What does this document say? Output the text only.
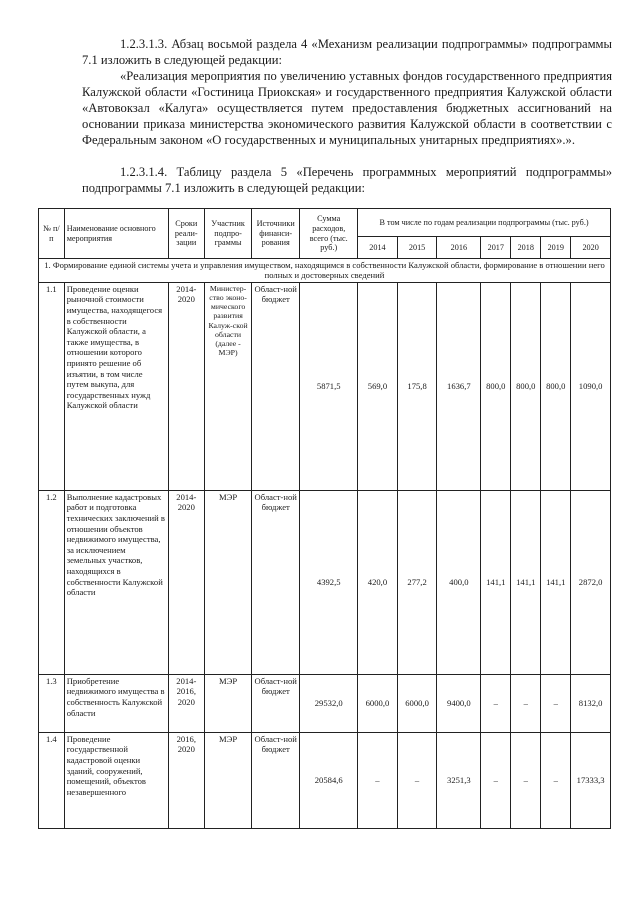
1.2.3.1.3. Абзац восьмой раздела 4 «Механизм реализации подпрограммы» подпрограммы 7.1 изложить в следующей редакции:

«Реализация мероприятия по увеличению уставных фондов государственного предприятия Калужской области «Гостиница Приокская» и государственного предприятия Калужской области «Автовокзал «Калуга» осуществляется путем предоставления бюджетных ассигнований на основании приказа министерства экономического развития Калужской области в соответствии с Федеральным законом «О государственных и муниципальных унитарных предприятиях».».

1.2.3.1.4. Таблицу раздела 5 «Перечень программных мероприятий подпрограммы» подпрограммы 7.1 изложить в следующей редакции:

№ п/п	Наименование основного мероприятия	Сроки реали-зации	Участник подпро-граммы	Источники финанси-рования	Сумма расходов, всего (тыс. руб.)	В том числе по годам реализации подпрограммы (тыс. руб.)						
						2014	2015	2016	2017	2018	2019	2020
1. Формирование единой системы учета и управления имуществом, находящимся в собственности Калужской области, формирование в отношении него полных и достоверных сведений												
1.1	Проведение оценки рыночной стоимости имущества, находящегося в собственности Калужской области, а также имущества, в отношении которого принято решение об изъятии, в том числе путем выкупа, для государственных нужд Калужской области	2014-2020	Министер-ство эконо-мического развития Калуж-ской области (далее - МЭР)	Област-ной бюджет	5871,5	569,0	175,8	1636,7	800,0	800,0	800,0	1090,0
1.2	Выполнение кадастровых работ и подготовка технических заключений в отношении объектов недвижимого имущества, за исключением земельных участков, находящихся в собственности Калужской области	2014-2020	МЭР	Област-ной бюджет	4392,5	420,0	277,2	400,0	141,1	141,1	141,1	2872,0
1.3	Приобретение недвижимого имущества в собственность Калужской области	2014-2016, 2020	МЭР	Област-ной бюджет	29532,0	6000,0	6000,0	9400,0	–	–	–	8132,0
1.4	Проведение государственной кадастровой оценки зданий, сооружений, помещений, объектов незавершенного	2016, 2020	МЭР	Област-ной бюджет	20584,6	–	–	3251,3	–	–	–	17333,3
